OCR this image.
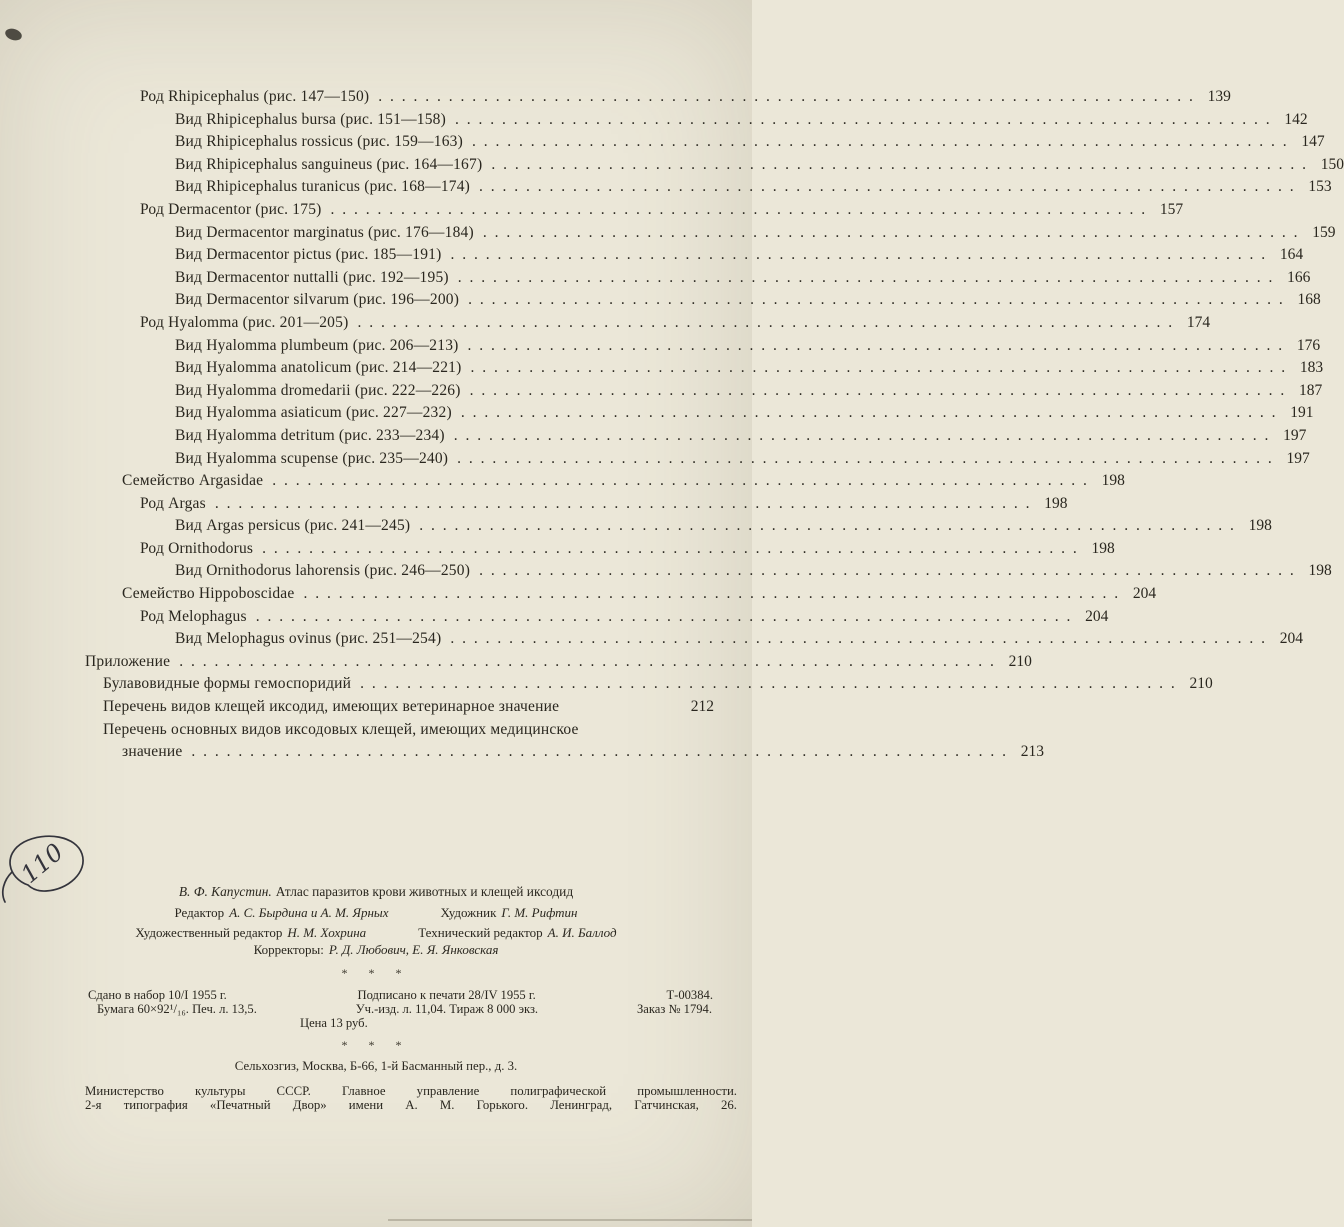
Род Rhipicephalus (рис. 147—150) . . . . . . . . . . . . . . . . . . . . . . . . . . . . . . . . . . . . . . . . . . . . . . . . . . . . . . . . . . . . . . . . . . . . . . 139
Вид Rhipicephalus bursa (рис. 151—158) . . . . . . . . . . . . . . . . . . . . . . . . . . . . . . . . . . . . . . . . . . . . . . . . . . . . . . . . . . . . . . . . . . . . . . 142
Вид Rhipicephalus rossicus (рис. 159—163) . . . . . . . . . . . . . . . . . . . . . . . . . . . . . . . . . . . . . . . . . . . . . . . . . . . . . . . . . . . . . . . . . . . . . . 147
Вид Rhipicephalus sanguineus (рис. 164—167) . . . . . . . . . . . . . . . . . . . . . . . . . . . . . . . . . . . . . . . . . . . . . . . . . . . . . . . . . . . . . . . . . . . . . . 150
Вид Rhipicephalus turanicus (рис. 168—174) . . . . . . . . . . . . . . . . . . . . . . . . . . . . . . . . . . . . . . . . . . . . . . . . . . . . . . . . . . . . . . . . . . . . . . 153
Род Dermacentor (рис. 175) . . . . . . . . . . . . . . . . . . . . . . . . . . . . . . . . . . . . . . . . . . . . . . . . . . . . . . . . . . . . . . . . . . . . . . 157
Вид Dermacentor marginatus (рис. 176—184) . . . . . . . . . . . . . . . . . . . . . . . . . . . . . . . . . . . . . . . . . . . . . . . . . . . . . . . . . . . . . . . . . . . . . . 159
Вид Dermacentor pictus (рис. 185—191) . . . . . . . . . . . . . . . . . . . . . . . . . . . . . . . . . . . . . . . . . . . . . . . . . . . . . . . . . . . . . . . . . . . . . . 164
Вид Dermacentor nuttalli (рис. 192—195) . . . . . . . . . . . . . . . . . . . . . . . . . . . . . . . . . . . . . . . . . . . . . . . . . . . . . . . . . . . . . . . . . . . . . . 166
Вид Dermacentor silvarum (рис. 196—200) . . . . . . . . . . . . . . . . . . . . . . . . . . . . . . . . . . . . . . . . . . . . . . . . . . . . . . . . . . . . . . . . . . . . . . 168
Род Hyalomma (рис. 201—205) . . . . . . . . . . . . . . . . . . . . . . . . . . . . . . . . . . . . . . . . . . . . . . . . . . . . . . . . . . . . . . . . . . . . . . 174
Вид Hyalomma plumbeum (рис. 206—213) . . . . . . . . . . . . . . . . . . . . . . . . . . . . . . . . . . . . . . . . . . . . . . . . . . . . . . . . . . . . . . . . . . . . . . 176
Вид Hyalomma anatolicum (рис. 214—221) . . . . . . . . . . . . . . . . . . . . . . . . . . . . . . . . . . . . . . . . . . . . . . . . . . . . . . . . . . . . . . . . . . . . . . 183
Вид Hyalomma dromedarii (рис. 222—226) . . . . . . . . . . . . . . . . . . . . . . . . . . . . . . . . . . . . . . . . . . . . . . . . . . . . . . . . . . . . . . . . . . . . . . 187
Вид Hyalomma asiaticum (рис. 227—232) . . . . . . . . . . . . . . . . . . . . . . . . . . . . . . . . . . . . . . . . . . . . . . . . . . . . . . . . . . . . . . . . . . . . . . 191
Вид Hyalomma detritum (рис. 233—234) . . . . . . . . . . . . . . . . . . . . . . . . . . . . . . . . . . . . . . . . . . . . . . . . . . . . . . . . . . . . . . . . . . . . . . 197
Вид Hyalomma scupense (рис. 235—240) . . . . . . . . . . . . . . . . . . . . . . . . . . . . . . . . . . . . . . . . . . . . . . . . . . . . . . . . . . . . . . . . . . . . . . 197
Семейство Argasidae . . . . . . . . . . . . . . . . . . . . . . . . . . . . . . . . . . . . . . . . . . . . . . . . . . . . . . . . . . . . . . . . . . . . . . 198
Род Argas . . . . . . . . . . . . . . . . . . . . . . . . . . . . . . . . . . . . . . . . . . . . . . . . . . . . . . . . . . . . . . . . . . . . . . 198
Вид Argas persicus (рис. 241—245) . . . . . . . . . . . . . . . . . . . . . . . . . . . . . . . . . . . . . . . . . . . . . . . . . . . . . . . . . . . . . . . . . . . . . . 198
Род Ornithodorus . . . . . . . . . . . . . . . . . . . . . . . . . . . . . . . . . . . . . . . . . . . . . . . . . . . . . . . . . . . . . . . . . . . . . . 198
Вид Ornithodorus lahorensis (рис. 246—250) . . . . . . . . . . . . . . . . . . . . . . . . . . . . . . . . . . . . . . . . . . . . . . . . . . . . . . . . . . . . . . . . . . . . . . 198
Семейство Hippoboscidae . . . . . . . . . . . . . . . . . . . . . . . . . . . . . . . . . . . . . . . . . . . . . . . . . . . . . . . . . . . . . . . . . . . . . . 204
Род Melophagus . . . . . . . . . . . . . . . . . . . . . . . . . . . . . . . . . . . . . . . . . . . . . . . . . . . . . . . . . . . . . . . . . . . . . . 204
Вид Melophagus ovinus (рис. 251—254) . . . . . . . . . . . . . . . . . . . . . . . . . . . . . . . . . . . . . . . . . . . . . . . . . . . . . . . . . . . . . . . . . . . . . . 204
Приложение . . . . . . . . . . . . . . . . . . . . . . . . . . . . . . . . . . . . . . . . . . . . . . . . . . . . . . . . . . . . . . . . . . . . . . 210
Булавовидные формы гемоспоридий . . . . . . . . . . . . . . . . . . . . . . . . . . . . . . . . . . . . . . . . . . . . . . . . . . . . . . . . . . . . . . . . . . . . . . 210
Перечень видов клещей иксодид, имеющих ветеринарное значение	212
Перечень основных видов иксодовых клещей, имеющих медицинское
значение . . . . . . . . . . . . . . . . . . . . . . . . . . . . . . . . . . . . . . . . . . . . . . . . . . . . . . . . . . . . . . . . . . . . . . 213
110
В. Ф. Капустин. Атлас паразитов крови животных и клещей иксодид
Редактор А. С. Бырдина и А. М. Ярных	Художник Г. М. Рифтин
Художественный редактор Н. М. Хохрина	Технический редактор А. И. Баллод
Корректоры: Р. Д. Любович, Е. Я. Янковская
* * *
Сдано в набор 10/I 1955 г.	Подписано к печати 28/IV 1955 г.	Т-00384.
Бумага 60×92¹/₁₆. Печ. л. 13,5.	Уч.-изд. л. 11,04. Тираж 8 000 экз.	Заказ № 1794.
Цена 13 руб.
* * *
Сельхозгиз, Москва, Б-66, 1-й Басманный пер., д. 3.
Министерство культуры СССР. Главное управление полиграфической промышленности.
2-я типография «Печатный Двор» имени А. М. Горького. Ленинград, Гатчинская, 26.
